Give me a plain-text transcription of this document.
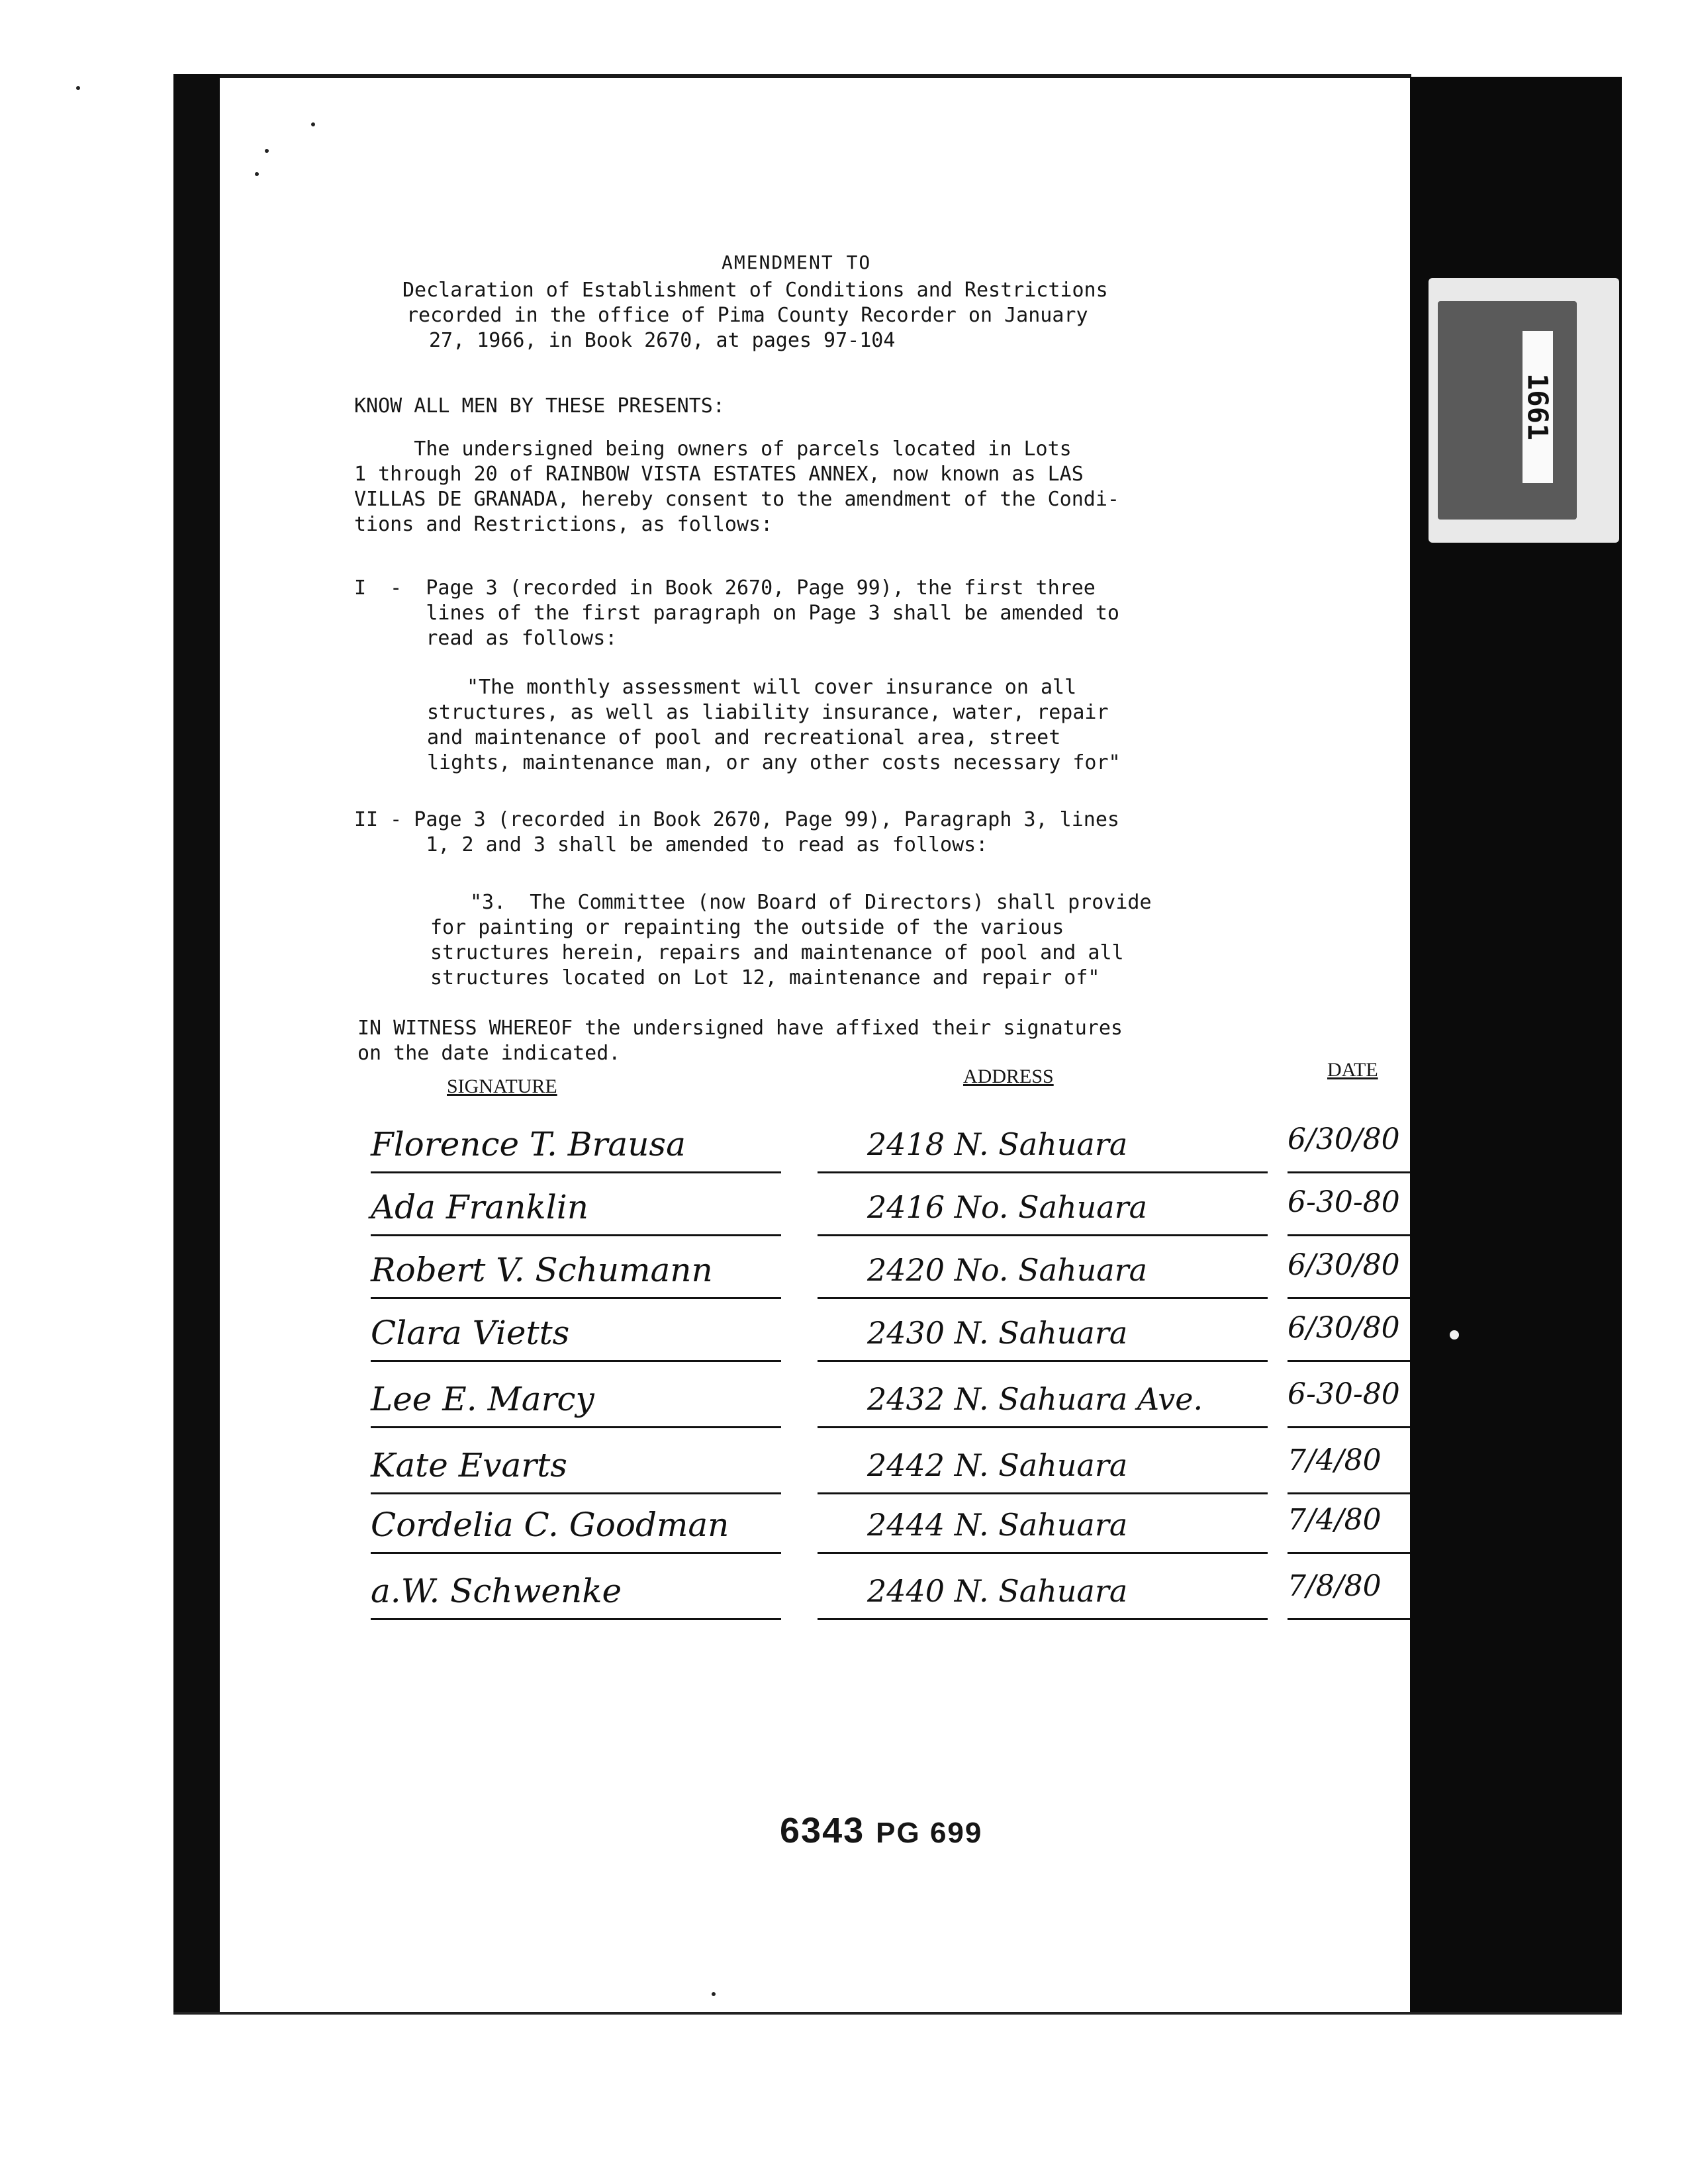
1661
AMENDMENT TO
Declaration of Establishment of Conditions and Restrictions
recorded in the office of Pima County Recorder on January
27, 1966, in Book 2670, at pages 97-104
KNOW ALL MEN BY THESE PRESENTS:
The undersigned being owners of parcels located in Lots
1 through 20 of RAINBOW VISTA ESTATES ANNEX, now known as LAS
VILLAS DE GRANADA, hereby consent to the amendment of the Condi-
tions and Restrictions, as follows:
I  -  Page 3 (recorded in Book 2670, Page 99), the first three
lines of the first paragraph on Page 3 shall be amended to
read as follows:
"The monthly assessment will cover insurance on all
structures, as well as liability insurance, water, repair
and maintenance of pool and recreational area, street
lights, maintenance man, or any other costs necessary for"
II - Page 3 (recorded in Book 2670, Page 99), Paragraph 3, lines
1, 2 and 3 shall be amended to read as follows:
"3.  The Committee (now Board of Directors) shall provide
for painting or repainting the outside of the various
structures herein, repairs and maintenance of pool and all
structures located on Lot 12, maintenance and repair of"
IN WITNESS WHEREOF the undersigned have affixed their signatures
on the date indicated.
SIGNATURE	ADDRESS	DATE
Florence T. Brausa	2418 N. Sahuara	6/30/80
Ada Franklin	2416 No. Sahuara	6-30-80
Robert V. Schumann	2420 No. Sahuara	6/30/80
Clara Vietts	2430 N. Sahuara	6/30/80
Lee E. Marcy	2432 N. Sahuara Ave.	6-30-80
Kate Evarts	2442 N. Sahuara	7/4/80
Cordelia C. Goodman	2444 N. Sahuara	7/4/80
a.W. Schwenke	2440 N. Sahuara	7/8/80
6343 PG 699
